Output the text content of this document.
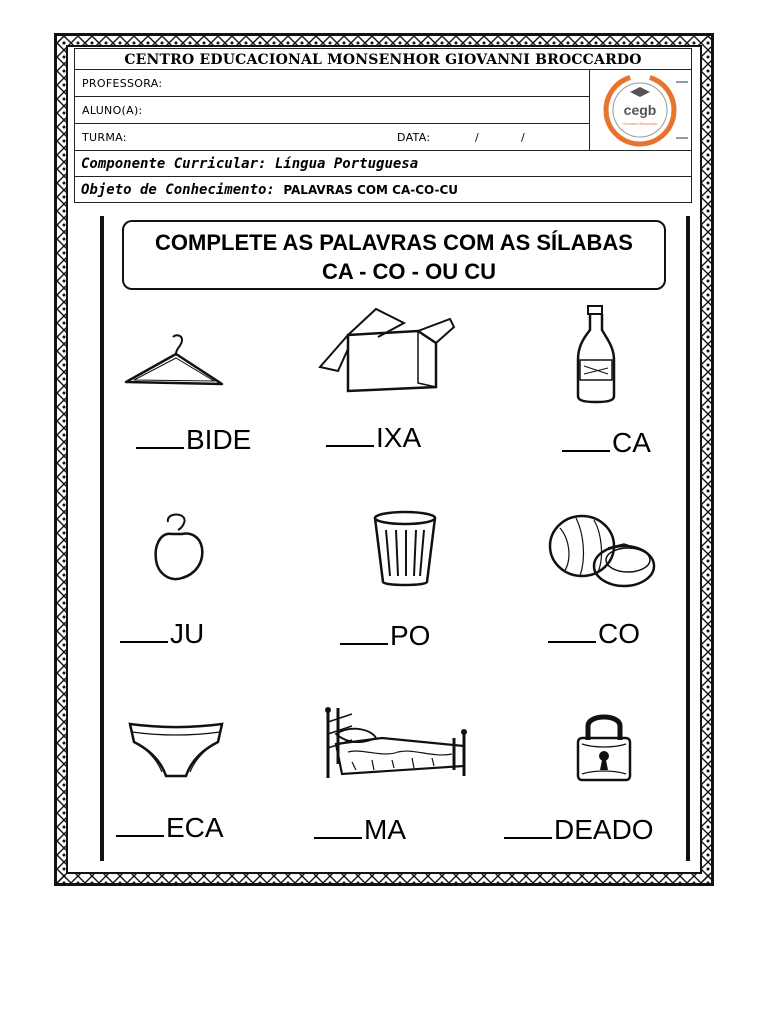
CENTRO EDUCACIONAL MONSENHOR GIOVANNI BROCCARDO
PROFESSORA:
ALUNO(A):
TURMA:	DATA:	/	/
cegb
Giovanni Broccardo
Componente Curricular: Língua Portuguesa
Objeto de Conhecimento: PALAVRAS COM CA-CO-CU
COMPLETE AS PALAVRAS COM AS SÍLABAS
CA - CO - OU CU
BIDE	IXA	CA
JU	PO	CO
ECA	MA	DEADO
